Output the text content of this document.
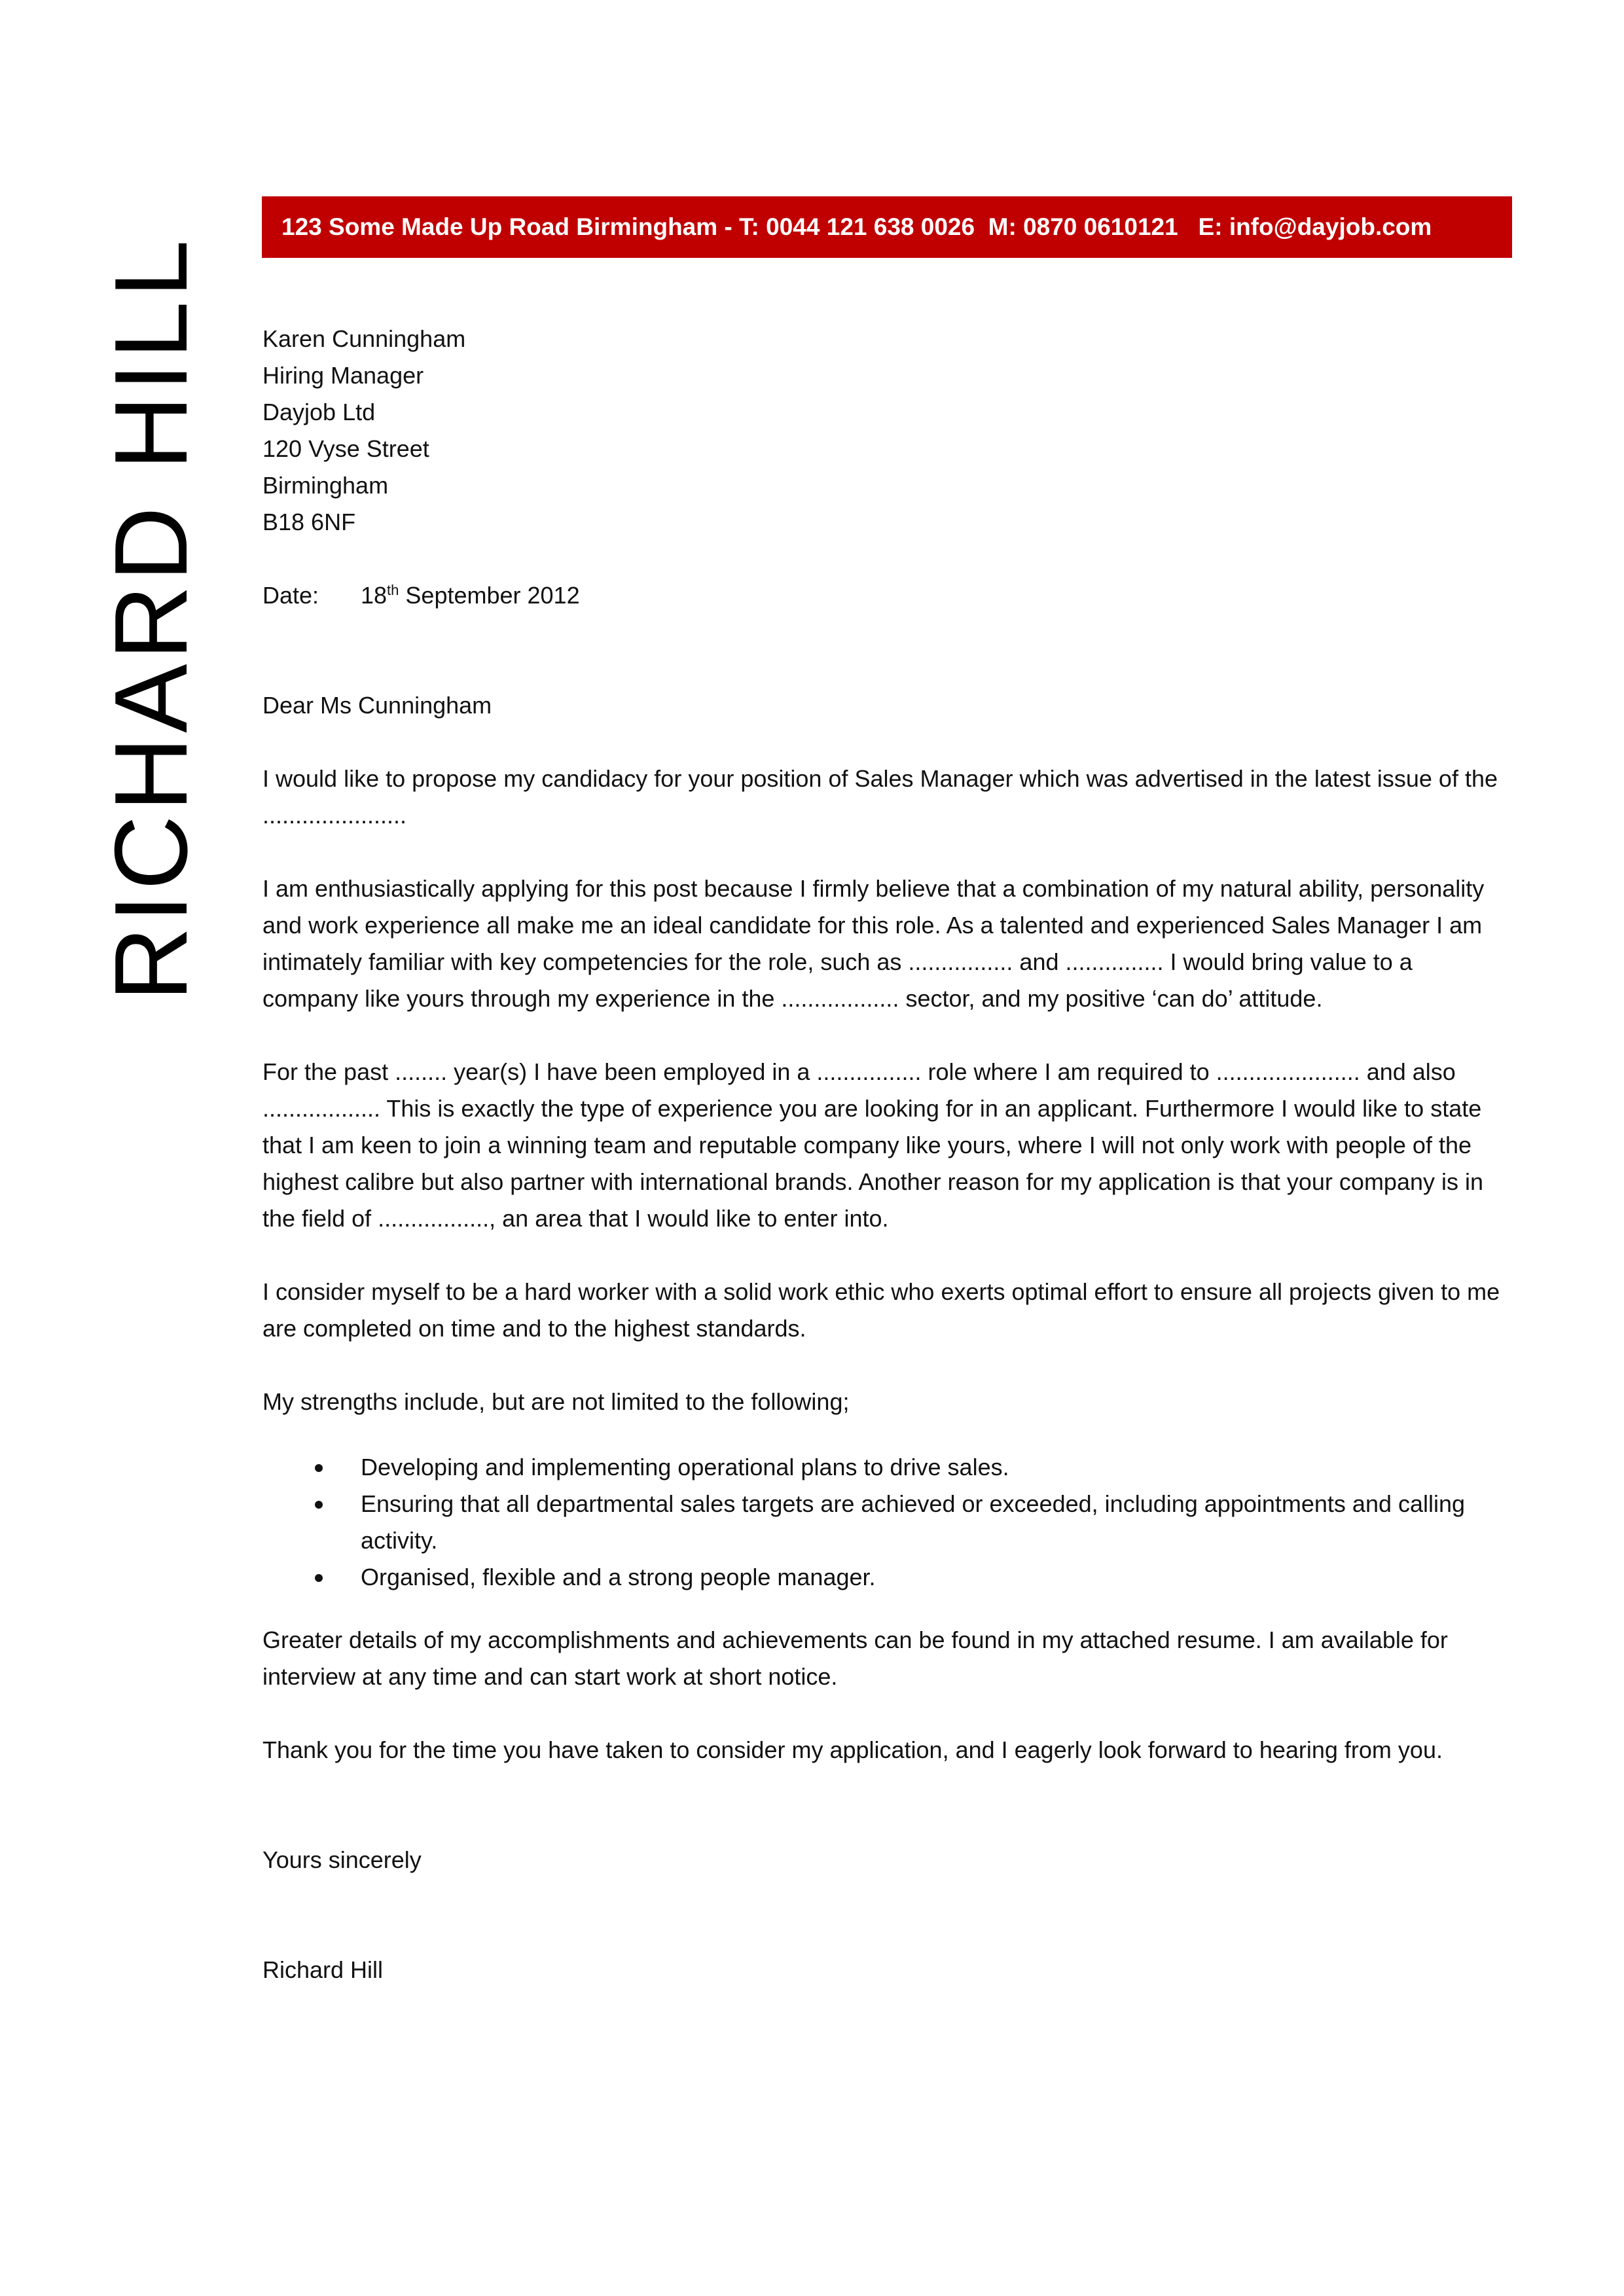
RICHARD HILL
123 Some Made Up Road Birmingham - T: 0044 121 638 0026 M: 0870 0610121 E: info@dayjob.com
Karen Cunningham
Hiring Manager
Dayjob Ltd
120 Vyse Street
Birmingham
B18 6NF
Date:	18th September 2012

Dear Ms Cunningham

I would like to propose my candidacy for your position of Sales Manager which was advertised in the latest issue of the ......................

I am enthusiastically applying for this post because I firmly believe that a combination of my natural ability, personality and work experience all make me an ideal candidate for this role. As a talented and experienced Sales Manager I am intimately familiar with key competencies for the role, such as ................ and ............... I would bring value to a company like yours through my experience in the .................. sector, and my positive ‘can do’ attitude.

For the past ........ year(s) I have been employed in a ................ role where I am required to ...................... and also .................. This is exactly the type of experience you are looking for in an applicant. Furthermore I would like to state that I am keen to join a winning team and reputable company like yours, where I will not only work with people of the highest calibre but also partner with international brands. Another reason for my application is that your company is in the field of ................., an area that I would like to enter into.

I consider myself to be a hard worker with a solid work ethic who exerts optimal effort to ensure all projects given to me are completed on time and to the highest standards.

My strengths include, but are not limited to the following;

Developing and implementing operational plans to drive sales.
Ensuring that all departmental sales targets are achieved or exceeded, including appointments and calling activity.
Organised, flexible and a strong people manager.

Greater details of my accomplishments and achievements can be found in my attached resume. I am available for interview at any time and can start work at short notice.

Thank you for the time you have taken to consider my application, and I eagerly look forward to hearing from you.

Yours sincerely

Richard Hill
